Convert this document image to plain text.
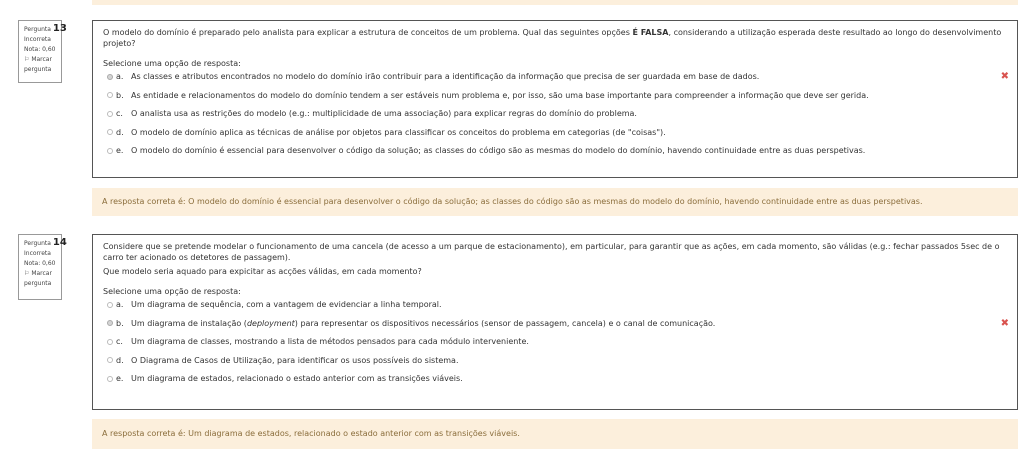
Pergunta 13
Incorreta
Nota: 0,60
⚐ Marcar pergunta

O modelo do domínio é preparado pelo analista para explicar a estrutura de conceitos de um problema. Qual das seguintes opções É FALSA, considerando a utilização esperada deste resultado ao longo do desenvolvimento projeto?

Selecione uma opção de resposta:
a. As classes e atributos encontrados no modelo do domínio irão contribuir para a identificação da informação que precisa de ser guardada em base de dados.	✖
b. As entidade e relacionamentos do modelo do domínio tendem a ser estáveis num problema e, por isso, são uma base importante para compreender a informação que deve ser gerida.
c. O analista usa as restrições do modelo (e.g.: multiplicidade de uma associação) para explicar regras do domínio do problema.
d. O modelo de domínio aplica as técnicas de análise por objetos para classificar os conceitos do problema em categorias (de "coisas").
e. O modelo do domínio é essencial para desenvolver o código da solução; as classes do código são as mesmas do modelo do domínio, havendo continuidade entre as duas perspetivas.
A resposta correta é: O modelo do domínio é essencial para desenvolver o código da solução; as classes do código são as mesmas do modelo do domínio, havendo continuidade entre as duas perspetivas.
Pergunta 14
Incorreta
Nota: 0,60
⚐ Marcar pergunta

Considere que se pretende modelar o funcionamento de uma cancela (de acesso a um parque de estacionamento), em particular, para garantir que as ações, em cada momento, são válidas (e.g.: fechar passados 5sec de o carro ter acionado os detetores de passagem).

Que modelo seria aquado para expicitar as acções válidas, em cada momento?

Selecione uma opção de resposta:
a. Um diagrama de sequência, com a vantagem de evidenciar a linha temporal.
b. Um diagrama de instalação (deployment) para representar os dispositivos necessários (sensor de passagem, cancela) e o canal de comunicação.	✖
c. Um diagrama de classes, mostrando a lista de métodos pensados para cada módulo interveniente.
d. O Diagrama de Casos de Utilização, para identificar os usos possíveis do sistema.
e. Um diagrama de estados, relacionado o estado anterior com as transições viáveis.
A resposta correta é: Um diagrama de estados, relacionado o estado anterior com as transições viáveis.
